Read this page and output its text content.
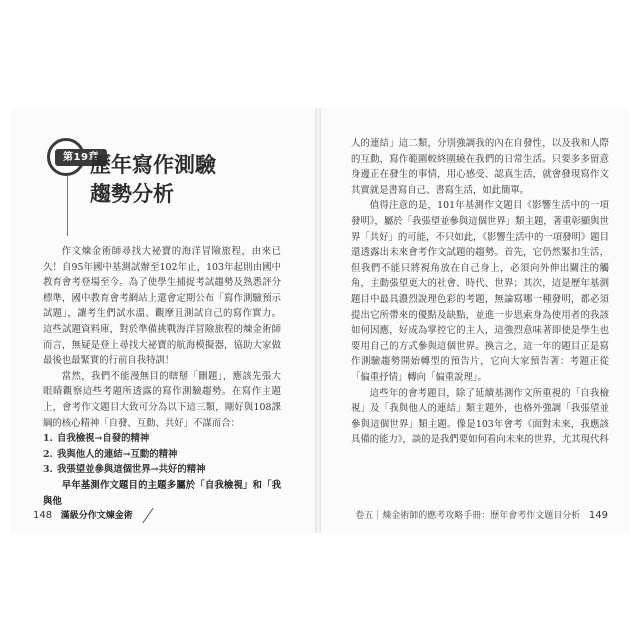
第19章
歷年寫作測驗
趨勢分析

作文煉金術師尋找大祕寶的海洋冒險旅程，由來已久！自95年國中基測試辦至102年止，103年起則由國中教育會考登場至今。為了使學生捕捉考試趨勢及熟悉評分標準，國中教育會考網站上還會定期公布「寫作測驗預示試題」，讓考生們試水溫、觀摩且測試自己的寫作實力。這些試題資料庫，對於準備挑戰海洋冒險旅程的煉金術師而言，無疑是登上尋找大祕寶的航海模擬器，協助大家做最後也最緊實的行前自我特訓！

當然，我們不能漫無目的瞎掰「刪題」，應該先張大眼睛觀察這些考題所透露的寫作測驗趨勢。在寫作主題上，會考作文題目大致可分為以下這三類，剛好與108課綱的核心精神「自發、互動、共好」不謀而合：

1. 自我檢視→自發的精神
2. 我與他人的連結→互動的精神
3. 我張望並參與這個世界→共好的精神

早年基測作文題目的主題多屬於「自我檢視」和「我與他

148 滿級分作文煉金術

人的連結」這二類，分別強調我的內在自發性，以及我和人際的互動，寫作範圍較終圍繞在我們的日常生活。只要多多留意身邊正在發生的事情，用心感受、認真生活，就會發現寫作文其實就是書寫自己、書寫生活，如此簡單。

值得注意的是，101年基測作文題目《影響生活中的一項發明》，屬於「我張望並參與這個世界」類主題，著重彰顯與世界「共好」的可能，不只如此，《影響生活中的一項發明》題目還透露出未來會考作文試題的趨勢。首先，它仍然緊扣生活，但我們不能只將視角放在自己身上，必須向外伸出關注的觸角，主動張望更大的社會、時代、世界；其次，這是歷年基測題目中最具濃烈說理色彩的考題，無論寫哪一種發明，都必須提出它所帶來的優點及缺點，並進一步思索身為使用者的我該如何因應，好成為掌控它的主人，這強烈意味著即使是學生也要用自己的方式參與這個世界。換言之，這一年的題目正是寫作測驗趨勢開始轉型的預告片，它向大家預告著：考題正從「偏重抒情」轉向「偏重說理」。

這些年的會考題目，除了延續基測作文所重視的「自我檢視」及「我與他人的連結」類主題外，也格外強調「我張望並參與這個世界」類主題。像是103年會考《面對未來，我應該具備的能力》，談的是我們要如何看向未來的世界，尤其現代科

卷五｜煉金術師的應考攻略手冊：歷年會考作文題目分析 149
